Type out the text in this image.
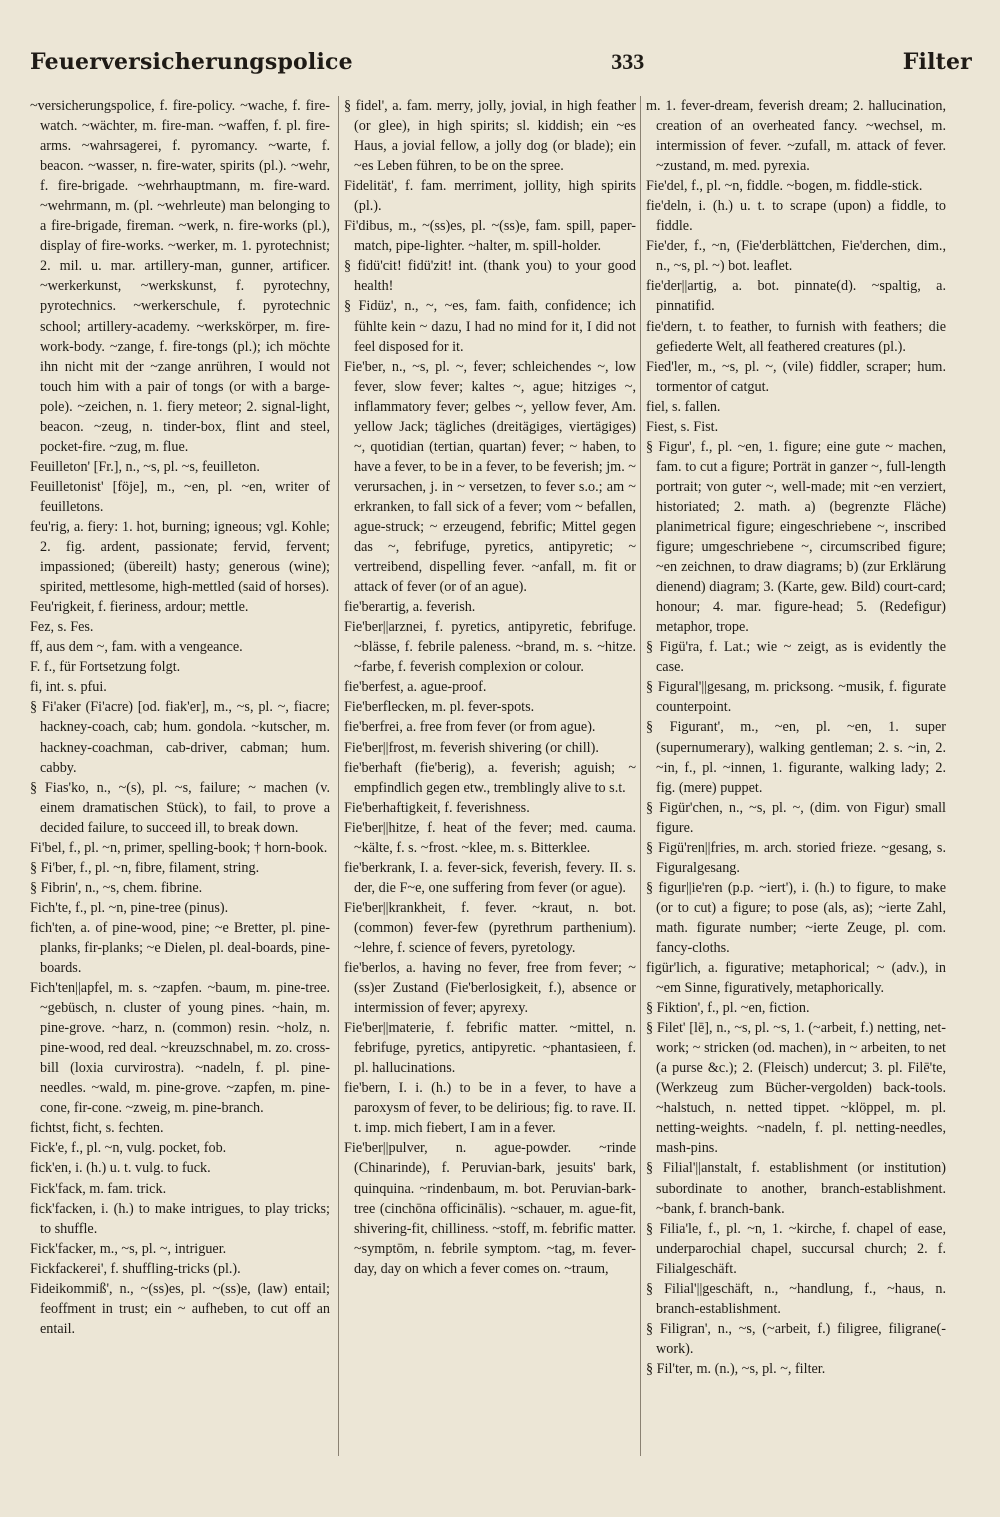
Feuerversicherungspolice	333	Filter

~versicherungspolice, f. fire-policy. ~wache, f. fire-watch. ~wächter, m. fire-man. ~waffen, f. pl. fire-arms. ~wahrsagerei, f. pyromancy. ~warte, f. beacon. ~wasser, n. fire-water, spirits (pl.). ~wehr, f. fire-brigade. ~wehrhauptmann, m. fire-ward. ~wehrmann, m. (pl. ~wehrleute) man belonging to a fire-brigade, fireman. ~werk, n. fire-works (pl.), display of fire-works. ~werker, m. 1. pyrotechnist; 2. mil. u. mar. artillery-man, gunner, artificer. ~werkerkunst, ~werkskunst, f. pyrotechny, pyrotechnics. ~werkerschule, f. pyrotechnic school; artillery-academy. ~werkskörper, m. fire-work-body. ~zange, f. fire-tongs (pl.); ich möchte ihn nicht mit der ~zange anrühren, I would not touch him with a pair of tongs (or with a barge-pole). ~zeichen, n. 1. fiery meteor; 2. signal-light, beacon. ~zeug, n. tinder-box, flint and steel, pocket-fire. ~zug, m. flue.

Feuilleton' [Fr.], n., ~s, pl. ~s, feuilleton.

Feuilletonist' [föje], m., ~en, pl. ~en, writer of feuilletons.

feu'rig, a. fiery: 1. hot, burning; igneous; vgl. Kohle; 2. fig. ardent, passionate; fervid, fervent; impassioned; (übereilt) hasty; generous (wine); spirited, mettlesome, high-mettled (said of horses).

Feu'rigkeit, f. fieriness, ardour; mettle.

Fez, s. Fes.

ff, aus dem ~, fam. with a vengeance.

F. f., für Fortsetzung folgt.

fi, int. s. pfui.

§ Fi'aker (Fi'acre) [od. fiak'er], m., ~s, pl. ~, fiacre; hackney-coach, cab; hum. gondola. ~kutscher, m. hackney-coachman, cab-driver, cabman; hum. cabby.

§ Fias'ko, n., ~(s), pl. ~s, failure; ~ machen (v. einem dramatischen Stück), to fail, to prove a decided failure, to succeed ill, to break down.

Fi'bel, f., pl. ~n, primer, spelling-book; † horn-book.

§ Fi'ber, f., pl. ~n, fibre, filament, string.

§ Fibrin', n., ~s, chem. fibrine.

Fich'te, f., pl. ~n, pine-tree (pinus).

fich'ten, a. of pine-wood, pine; ~e Bretter, pl. pine-planks, fir-planks; ~e Dielen, pl. deal-boards, pine-boards.

Fich'ten||apfel, m. s. ~zapfen. ~baum, m. pine-tree. ~gebüsch, n. cluster of young pines. ~hain, m. pine-grove. ~harz, n. (common) resin. ~holz, n. pine-wood, red deal. ~kreuzschnabel, m. zo. cross-bill (loxia curvirostra). ~nadeln, f. pl. pine-needles. ~wald, m. pine-grove. ~zapfen, m. pine-cone, fir-cone. ~zweig, m. pine-branch.

fichtst, ficht, s. fechten.

Fick'e, f., pl. ~n, vulg. pocket, fob.

fick'en, i. (h.) u. t. vulg. to fuck.

Fick'fack, m. fam. trick.

fick'facken, i. (h.) to make intrigues, to play tricks; to shuffle.

Fick'facker, m., ~s, pl. ~, intriguer.

Fickfackerei', f. shuffling-tricks (pl.).

Fideikommiß', n., ~(ss)es, pl. ~(ss)e, (law) entail; feoffment in trust; ein ~ aufheben, to cut off an entail.

§ fidel', a. fam. merry, jolly, jovial, in high feather (or glee), in high spirits; sl. kiddish; ein ~es Haus, a jovial fellow, a jolly dog (or blade); ein ~es Leben führen, to be on the spree.

Fidelität', f. fam. merriment, jollity, high spirits (pl.).

Fi'dibus, m., ~(ss)es, pl. ~(ss)e, fam. spill, paper-match, pipe-lighter. ~halter, m. spill-holder.

§ fidü'cit! fidü'zit! int. (thank you) to your good health!

§ Fidüz', n., ~, ~es, fam. faith, confidence; ich fühlte kein ~ dazu, I had no mind for it, I did not feel disposed for it.

Fie'ber, n., ~s, pl. ~, fever; schleichendes ~, low fever, slow fever; kaltes ~, ague; hitziges ~, inflammatory fever; gelbes ~, yellow fever, Am. yellow Jack; tägliches (dreitägiges, viertägiges) ~, quotidian (tertian, quartan) fever; ~ haben, to have a fever, to be in a fever, to be feverish; jm. ~ verursachen, j. in ~ versetzen, to fever s.o.; am ~ erkranken, to fall sick of a fever; vom ~ befallen, ague-struck; ~ erzeugend, febrific; Mittel gegen das ~, febrifuge, pyretics, antipyretic; ~ vertreibend, dispelling fever. ~anfall, m. fit or attack of fever (or of an ague).

fie'berartig, a. feverish.

Fie'ber||arznei, f. pyretics, antipyretic, febrifuge. ~blässe, f. febrile paleness. ~brand, m. s. ~hitze. ~farbe, f. feverish complexion or colour.

fie'berfest, a. ague-proof.

Fie'berflecken, m. pl. fever-spots.

fie'berfrei, a. free from fever (or from ague).

Fie'ber||frost, m. feverish shivering (or chill).

fie'berhaft (fie'berig), a. feverish; aguish; ~ empfindlich gegen etw., tremblingly alive to s.t.

Fie'berhaftigkeit, f. feverishness.

Fie'ber||hitze, f. heat of the fever; med. cauma. ~kälte, f. s. ~frost. ~klee, m. s. Bitterklee.

fie'berkrank, I. a. fever-sick, feverish, fevery. II. s. der, die F~e, one suffering from fever (or ague).

Fie'ber||krankheit, f. fever. ~kraut, n. bot. (common) fever-few (pyrethrum parthenium). ~lehre, f. science of fevers, pyretology.

fie'berlos, a. having no fever, free from fever; ~(ss)er Zustand (Fie'berlosigkeit, f.), absence or intermission of fever; apyrexy.

Fie'ber||materie, f. febrific matter. ~mittel, n. febrifuge, pyretics, antipyretic. ~phantasieen, f. pl. hallucinations.

fie'bern, I. i. (h.) to be in a fever, to have a paroxysm of fever, to be delirious; fig. to rave. II. t. imp. mich fiebert, I am in a fever.

Fie'ber||pulver, n. ague-powder. ~rinde (Chinarinde), f. Peruvian-bark, jesuits' bark, quinquina. ~rindenbaum, m. bot. Peruvian-bark-tree (cinchōna officinālis). ~schauer, m. ague-fit, shivering-fit, chilliness. ~stoff, m. febrific matter. ~symptōm, n. febrile symptom. ~tag, m. fever-day, day on which a fever comes on. ~traum,

m. 1. fever-dream, feverish dream; 2. hallucination, creation of an overheated fancy. ~wechsel, m. intermission of fever. ~zufall, m. attack of fever. ~zustand, m. med. pyrexia.

Fie'del, f., pl. ~n, fiddle. ~bogen, m. fiddle-stick.

fie'deln, i. (h.) u. t. to scrape (upon) a fiddle, to fiddle.

Fie'der, f., ~n, (Fie'derblättchen, Fie'derchen, dim., n., ~s, pl. ~) bot. leaflet.

fie'der||artig, a. bot. pinnate(d). ~spaltig, a. pinnatifid.

fie'dern, t. to feather, to furnish with feathers; die gefiederte Welt, all feathered creatures (pl.).

Fied'ler, m., ~s, pl. ~, (vile) fiddler, scraper; hum. tormentor of catgut.

fiel, s. fallen.

Fiest, s. Fist.

§ Figur', f., pl. ~en, 1. figure; eine gute ~ machen, fam. to cut a figure; Porträt in ganzer ~, full-length portrait; von guter ~, well-made; mit ~en verziert, historiated; 2. math. a) (begrenzte Fläche) planimetrical figure; eingeschriebene ~, inscribed figure; umgeschriebene ~, circumscribed figure; ~en zeichnen, to draw diagrams; b) (zur Erklärung dienend) diagram; 3. (Karte, gew. Bild) court-card; honour; 4. mar. figure-head; 5. (Redefigur) metaphor, trope.

§ Figü'ra, f. Lat.; wie ~ zeigt, as is evidently the case.

§ Figural'||gesang, m. pricksong. ~musik, f. figurate counterpoint.

§ Figurant', m., ~en, pl. ~en, 1. super (supernumerary), walking gentleman; 2. s. ~in, 2. ~in, f., pl. ~innen, 1. figurante, walking lady; 2. fig. (mere) puppet.

§ Figür'chen, n., ~s, pl. ~, (dim. von Figur) small figure.

§ Figü'ren||fries, m. arch. storied frieze. ~gesang, s. Figuralgesang.

§ figur||ie'ren (p.p. ~iert'), i. (h.) to figure, to make (or to cut) a figure; to pose (als, as); ~ierte Zahl, math. figurate number; ~ierte Zeuge, pl. com. fancy-cloths.

figür'lich, a. figurative; metaphorical; ~ (adv.), in ~em Sinne, figuratively, metaphorically.

§ Fiktion', f., pl. ~en, fiction.

§ Filet' [lē], n., ~s, pl. ~s, 1. (~arbeit, f.) netting, net-work; ~ stricken (od. machen), in ~ arbeiten, to net (a purse &c.); 2. (Fleisch) undercut; 3. pl. Filē'te, (Werkzeug zum Bücher-vergolden) back-tools. ~halstuch, n. netted tippet. ~klöppel, m. pl. netting-weights. ~nadeln, f. pl. netting-needles, mash-pins.

§ Filial'||anstalt, f. establishment (or institution) subordinate to another, branch-establishment. ~bank, f. branch-bank.

§ Filia'le, f., pl. ~n, 1. ~kirche, f. chapel of ease, underparochial chapel, succursal church; 2. f. Filialgeschäft.

§ Filial'||geschäft, n., ~handlung, f., ~haus, n. branch-establishment.

§ Filigran', n., ~s, (~arbeit, f.) filigree, filigrane(-work).

§ Fil'ter, m. (n.), ~s, pl. ~, filter.
